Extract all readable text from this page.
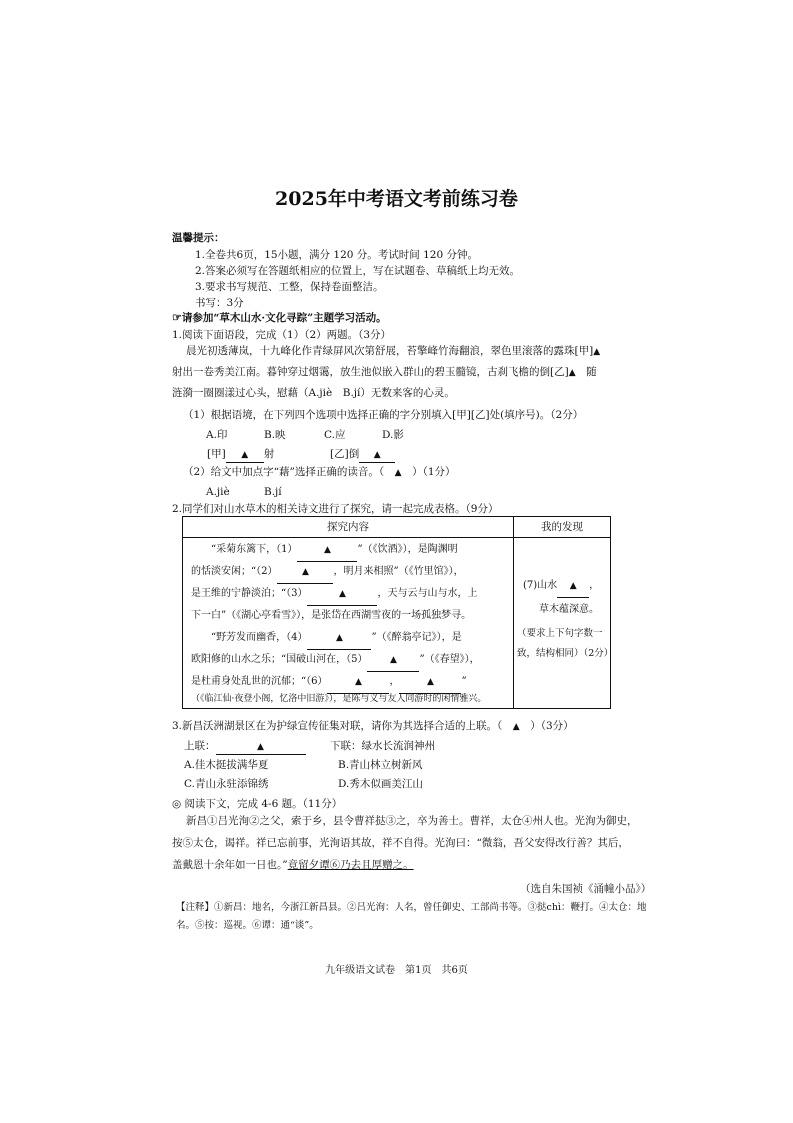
2025年中考语文考前练习卷
温馨提示：
1.全卷共6页，15小题，满分 120 分。考试时间 120 分钟。
2.答案必须写在答题纸相应的位置上，写在试题卷、草稿纸上均无效。
3.要求书写规范、工整，保持卷面整洁。
书写：3分
☞请参加“草木山水·文化寻踪”主题学习活动。
1.阅读下面语段，完成（1）（2）两题。（3分）
晨光初透薄岚，十九峰化作青绿屏风次第舒展，苔擎峰竹海翻浪，翠色里滚落的露珠[甲]▲
射出一卷秀美江南。暮钟穿过烟霭，放生池似嵌入群山的碧玉髓镜，古刹飞檐的倒[乙]▲　 随
涟漪一圈圈漾过心头，慰藉（A.jiè　B.jí）无数来客的心灵。
（1）根据语境，在下列四个选项中选择正确的字分别填入[甲][乙]处(填序号)。（2分）
A.印	B.映	C.应	D.影
[甲] ▲ 射	[乙]倒 ▲
（2）给文中加点字“藉”选择正确的读音。（　 ▲　 ）（1分）
A.jiè	B.jí
2.同学们对山水草木的相关诗文进行了探究，请一起完成表格。（9分）
探究内容	我的发现
　　“采菊东篱下，（1）	▲	”（《饮酒》），是陶渊明
的恬淡安闲；“（2）	▲ ，明月来相照”（《竹里馆》），
是王维的宁静淡泊；“（3）	▲	，天与云与山与水，上
下一白”（《湖心亭看雪》），是张岱在西湖雪夜的一场孤独梦寻。
　　“野芳发而幽香，（4）	▲	”（《醉翁亭记》），是
欧阳修的山水之乐；“国破山河在，（5）	▲ ”（《春望》），
是杜甫身处乱世的沉郁；“（6）	▲	，	▲	”
（《临江仙·夜登小阁，忆洛中旧游》），是陈与义与友人同游时的闲情雅兴。
(7)山水 ▲ ，
草木蕴深意。
（要求上下句字数一
致，结构相同）（2分）
3.新昌沃洲湖景区在为护绿宣传征集对联，请你为其选择合适的上联。（　 ▲　 ）（3分）
上联：	▲	下联：绿水长流润神州
A.佳木挺拔满华夏	B.青山林立树新风
C.青山永驻添锦绣	D.秀木似画美江山
◎ 阅读下文，完成 4-6 题。（11分）
新昌①吕光洵②之父，索于乡，县令曹祥挞③之，卒为善士。曹祥，太仓④州人也。光洵为御史，
按⑤太仓，谒祥。祥已忘前事，光洵语其故，祥不自得。光洵曰：“微翁，吾父安得改行善？其后，
盖戴恩十余年如一日也。”竟留夕谭⑥乃去且厚赠之。
（选自朱国祯《涌幢小品》）
【注释】①新昌：地名，今浙江新昌县。②吕光洵：人名，曾任御史、工部尚书等。③挞chì：鞭打。④太仓：地
名。⑤按：巡视。⑥谭：通“谈”。
九年级语文试卷　第1页　共6页
